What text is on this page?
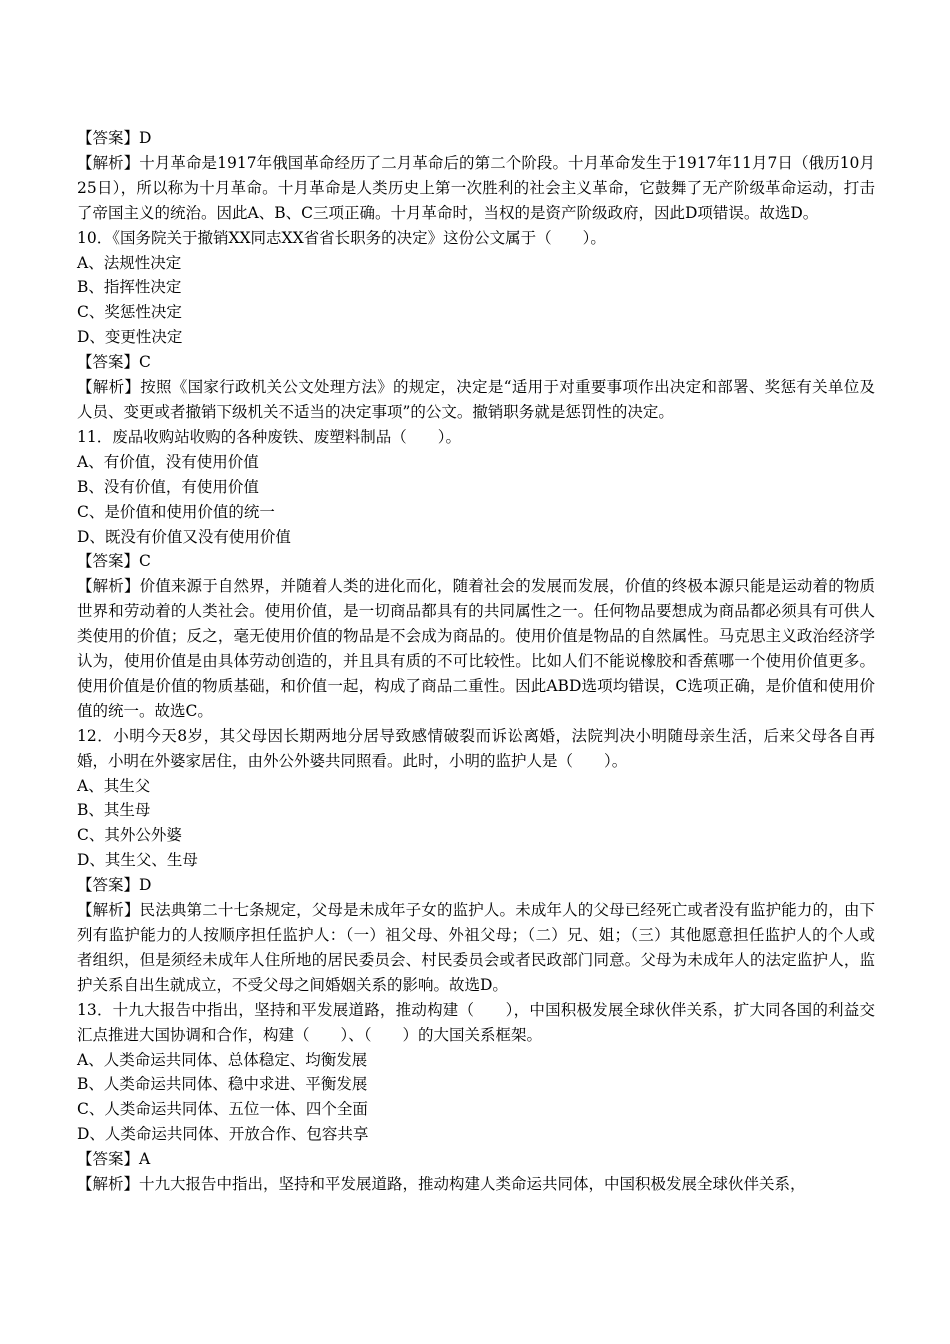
【答案】D
【解析】十月革命是1917年俄国革命经历了二月革命后的第二个阶段。十月革命发生于1917年11月7日（俄历10月25日），所以称为十月革命。十月革命是人类历史上第一次胜利的社会主义革命，它鼓舞了无产阶级革命运动，打击了帝国主义的统治。因此A、B、C三项正确。十月革命时，当权的是资产阶级政府，因此D项错误。故选D。
10．《国务院关于撤销XX同志XX省省长职务的决定》这份公文属于（　　）。
A、法规性决定
B、指挥性决定
C、奖惩性决定
D、变更性决定
【答案】C
【解析】按照《国家行政机关公文处理方法》的规定，决定是“适用于对重要事项作出决定和部署、奖惩有关单位及人员、变更或者撤销下级机关不适当的决定事项”的公文。撤销职务就是惩罚性的决定。
11．废品收购站收购的各种废铁、废塑料制品（　　）。
A、有价值，没有使用价值
B、没有价值，有使用价值
C、是价值和使用价值的统一
D、既没有价值又没有使用价值
【答案】C
【解析】价值来源于自然界，并随着人类的进化而化，随着社会的发展而发展，价值的终极本源只能是运动着的物质世界和劳动着的人类社会。使用价值，是一切商品都具有的共同属性之一。任何物品要想成为商品都必须具有可供人类使用的价值；反之，毫无使用价值的物品是不会成为商品的。使用价值是物品的自然属性。马克思主义政治经济学认为，使用价值是由具体劳动创造的，并且具有质的不可比较性。比如人们不能说橡胶和香蕉哪一个使用价值更多。使用价值是价值的物质基础，和价值一起，构成了商品二重性。因此ABD选项均错误，C选项正确，是价值和使用价值的统一。故选C。
12．小明今天8岁，其父母因长期两地分居导致感情破裂而诉讼离婚，法院判决小明随母亲生活，后来父母各自再婚，小明在外婆家居住，由外公外婆共同照看。此时，小明的监护人是（　　）。
A、其生父
B、其生母
C、其外公外婆
D、其生父、生母
【答案】D
【解析】民法典第二十七条规定，父母是未成年子女的监护人。未成年人的父母已经死亡或者没有监护能力的，由下列有监护能力的人按顺序担任监护人：（一）祖父母、外祖父母；（二）兄、姐；（三）其他愿意担任监护人的个人或者组织，但是须经未成年人住所地的居民委员会、村民委员会或者民政部门同意。父母为未成年人的法定监护人，监护关系自出生就成立，不受父母之间婚姻关系的影响。故选D。
13．十九大报告中指出，坚持和平发展道路，推动构建（　　），中国积极发展全球伙伴关系，扩大同各国的利益交汇点推进大国协调和合作，构建（　　）、（　　）的大国关系框架。
A、人类命运共同体、总体稳定、均衡发展
B、人类命运共同体、稳中求进、平衡发展
C、人类命运共同体、五位一体、四个全面
D、人类命运共同体、开放合作、包容共享
【答案】A
【解析】十九大报告中指出，坚持和平发展道路，推动构建人类命运共同体，中国积极发展全球伙伴关系，
